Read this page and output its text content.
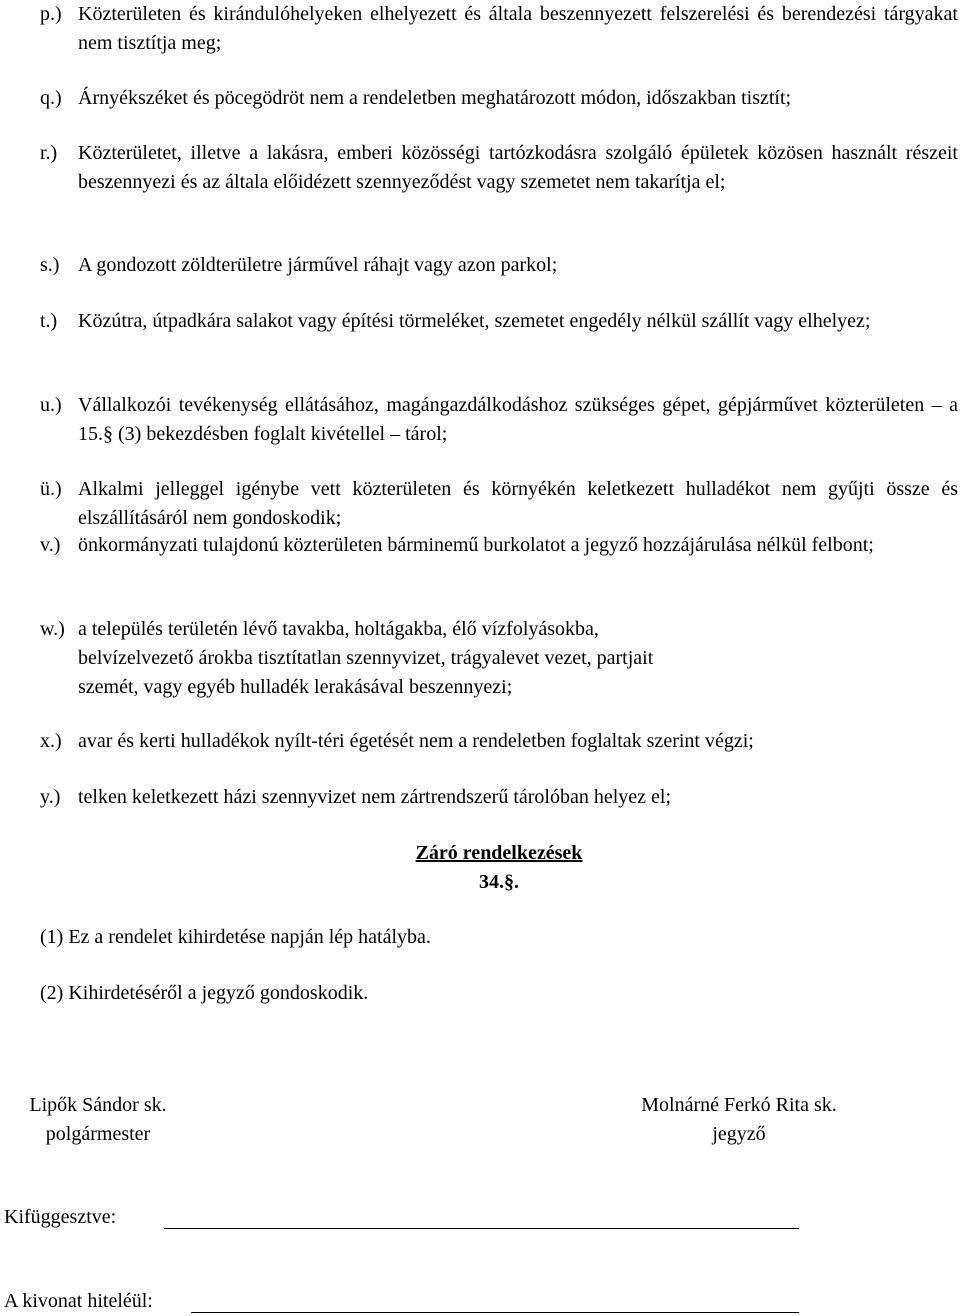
p.) Közterületen és kirándulóhelyeken elhelyezett és általa beszennyezett felszerelési és berendezési tárgyakat nem tisztítja meg;
q.) Árnyékszéket és pöcegödröt nem a rendeletben meghatározott módon, időszakban tisztít;
r.) Közterületet, illetve a lakásra, emberi közösségi tartózkodásra szolgáló épületek közösen használt részeit beszennyezi és az általa előidézett szennyeződést vagy szemetet nem takarítja el;
s.) A gondozott zöldterületre járművel ráhajt vagy azon parkol;
t.) Közútra, útpadkára salakot vagy építési törmeléket, szemetet engedély nélkül szállít vagy elhelyez;
u.) Vállalkozói tevékenység ellátásához, magángazdálkodáshoz szükséges gépet, gépjárművet közterületen – a 15.§ (3) bekezdésben foglalt kivétellel – tárol;
ü.) Alkalmi jelleggel igénybe vett közterületen és környékén keletkezett hulladékot nem gyűjti össze és elszállításáról nem gondoskodik;
v.) önkormányzati tulajdonú közterületen bárminemű burkolatot a jegyző hozzájárulása nélkül felbont;
w.) a település területén lévő tavakba, holtágakba, élő vízfolyásokba,
belvízelvezető árokba tisztítatlan szennyvizet, trágyalevet vezet, partjait
szemét, vagy egyéb hulladék lerakásával beszennyezi;
x.) avar és kerti hulladékok nyílt-téri égetését nem a rendeletben foglaltak szerint végzi;
y.) telken keletkezett házi szennyvizet nem zártrendszerű tárolóban helyez el;
Záró rendelkezések
34.§.
(1) Ez a rendelet kihirdetése napján lép hatályba.
(2) Kihirdetéséről a jegyző gondoskodik.
Lipők Sándor sk.
polgármester
Molnárné Ferkó Rita sk.
jegyző
Kifüggesztve:
A kivonat hiteléül:
